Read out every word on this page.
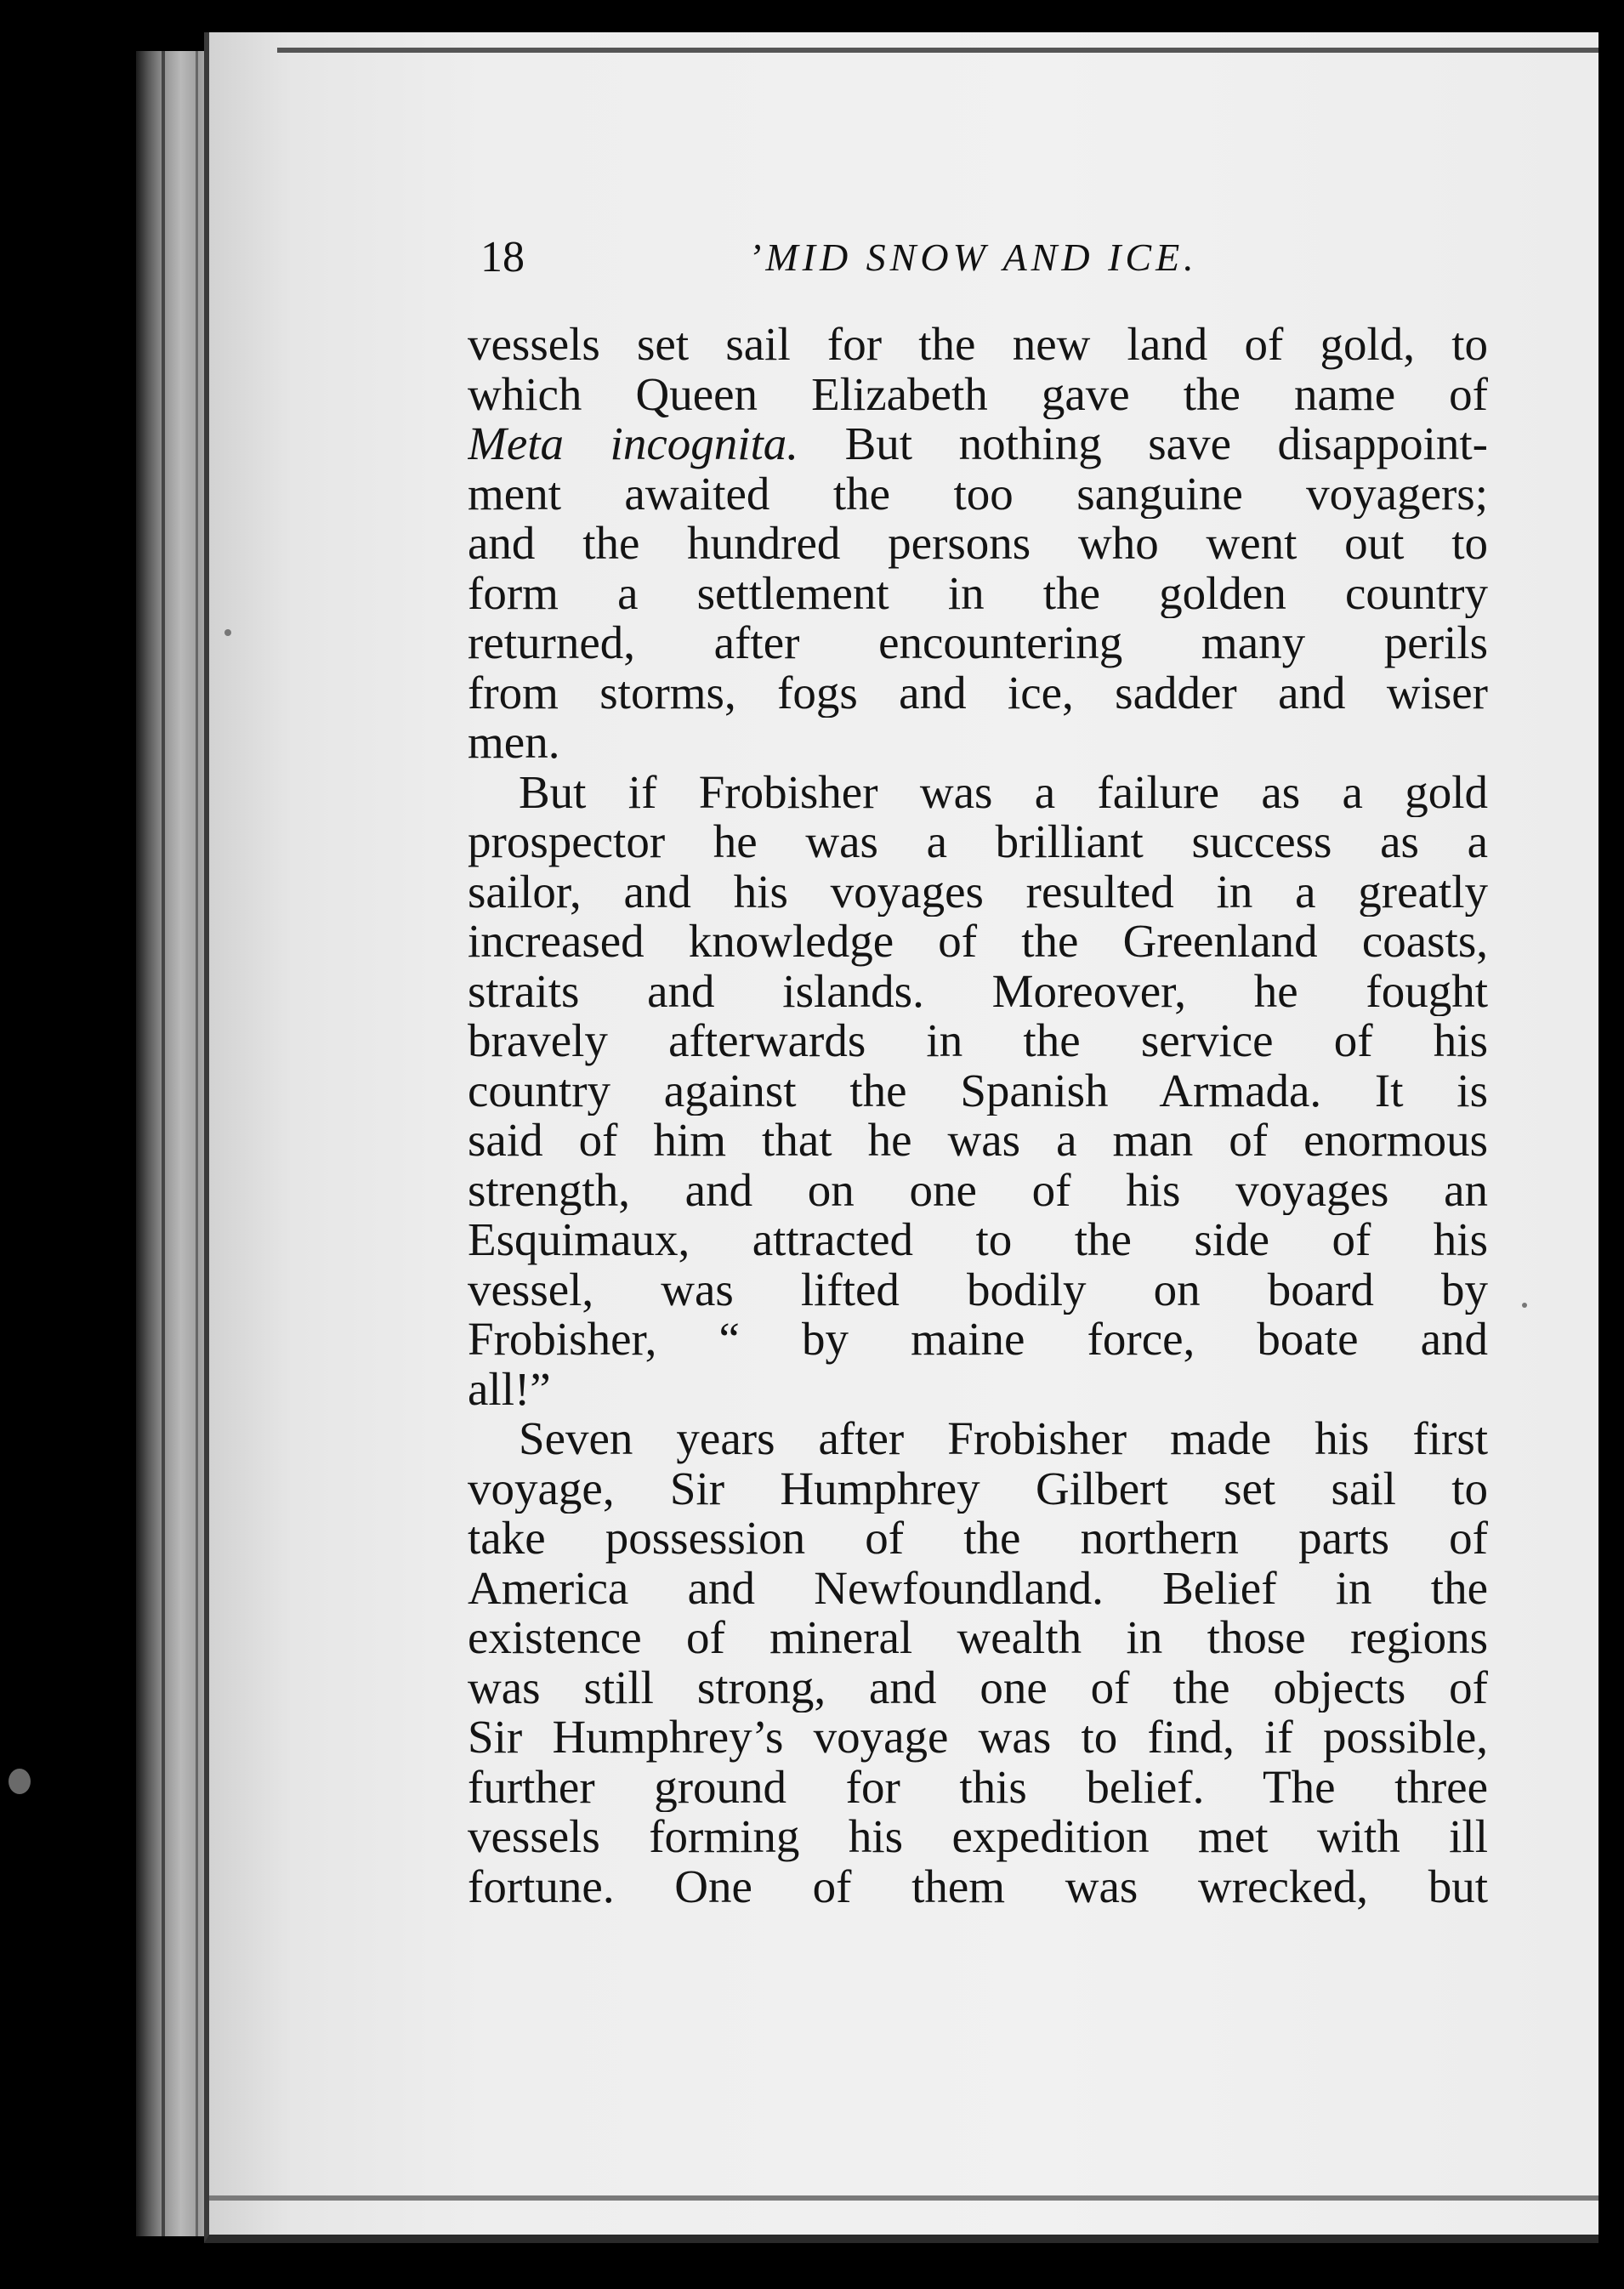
18	’MID SNOW AND ICE.

vessels set sail for the new land of gold, to
which Queen Elizabeth gave the name of
Meta incognita. But nothing save disappoint-
ment awaited the too sanguine voyagers;
and the hundred persons who went out to
form a settlement in the golden country
returned, after encountering many perils
from storms, fogs and ice, sadder and wiser
men.

But if Frobisher was a failure as a gold
prospector he was a brilliant success as a
sailor, and his voyages resulted in a greatly
increased knowledge of the Greenland coasts,
straits and islands. Moreover, he fought
bravely afterwards in the service of his
country against the Spanish Armada. It is
said of him that he was a man of enormous
strength, and on one of his voyages an
Esquimaux, attracted to the side of his
vessel, was lifted bodily on board by
Frobisher, “ by maine force, boate and
all!”

Seven years after Frobisher made his first
voyage, Sir Humphrey Gilbert set sail to
take possession of the northern parts of
America and Newfoundland. Belief in the
existence of mineral wealth in those regions
was still strong, and one of the objects of
Sir Humphrey’s voyage was to find, if possible,
further ground for this belief. The three
vessels forming his expedition met with ill
fortune. One of them was wrecked, but
